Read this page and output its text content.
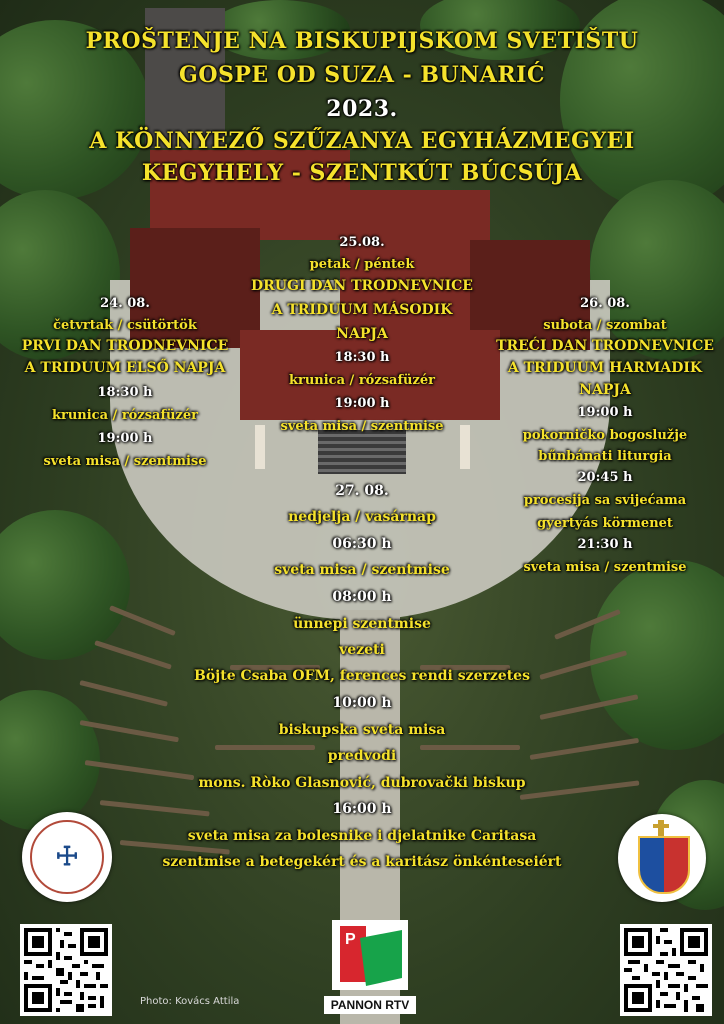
PROŠTENJE NA BISKUPIJSKOM SVETIŠTU
GOSPE OD SUZA - BUNARIĆ
2023.
A KÖNNYEZŐ SZŰZANYA EGYHÁZMEGYEI
KEGYHELY - SZENTKÚT BÚCSÚJA
25.08.
petak / péntek
DRUGI DAN TRODNEVNICE
A TRIDUUM MÁSODIK
NAPJA
18:30 h
krunica / rózsafüzér
19:00 h
sveta misa / szentmise
24. 08.
četvrtak / csütörtök
PRVI DAN TRODNEVNICE
A TRIDUUM ELSŐ NAPJA
18:30 h
krunica / rózsafüzér
19:00 h
sveta misa / szentmise
26. 08.
subota / szombat
TREĆI DAN TRODNEVNICE
A TRIDUUM HARMADIK
NAPJA
19:00 h
pokorničko bogoslužje
bűnbánati liturgia
20:45 h
procesija sa svijećama
gyertyás körmenet
21:30 h
sveta misa / szentmise
27. 08.
nedjelja / vasárnap
06:30 h
sveta misa / szentmise
08:00 h
ünnepi szentmise
vezeti
Böjte Csaba OFM, ferences rendi szerzetes
10:00 h
biskupska sveta misa
predvodi
mons. Ròko Glasnović, dubrovački biskup
16:00 h
sveta misa za bolesnike i djelatnike Caritasa
szentmise a betegekért és a karitász önkénteseiért
☩
P
PANNON RTV
Photo: Kovács Attila
